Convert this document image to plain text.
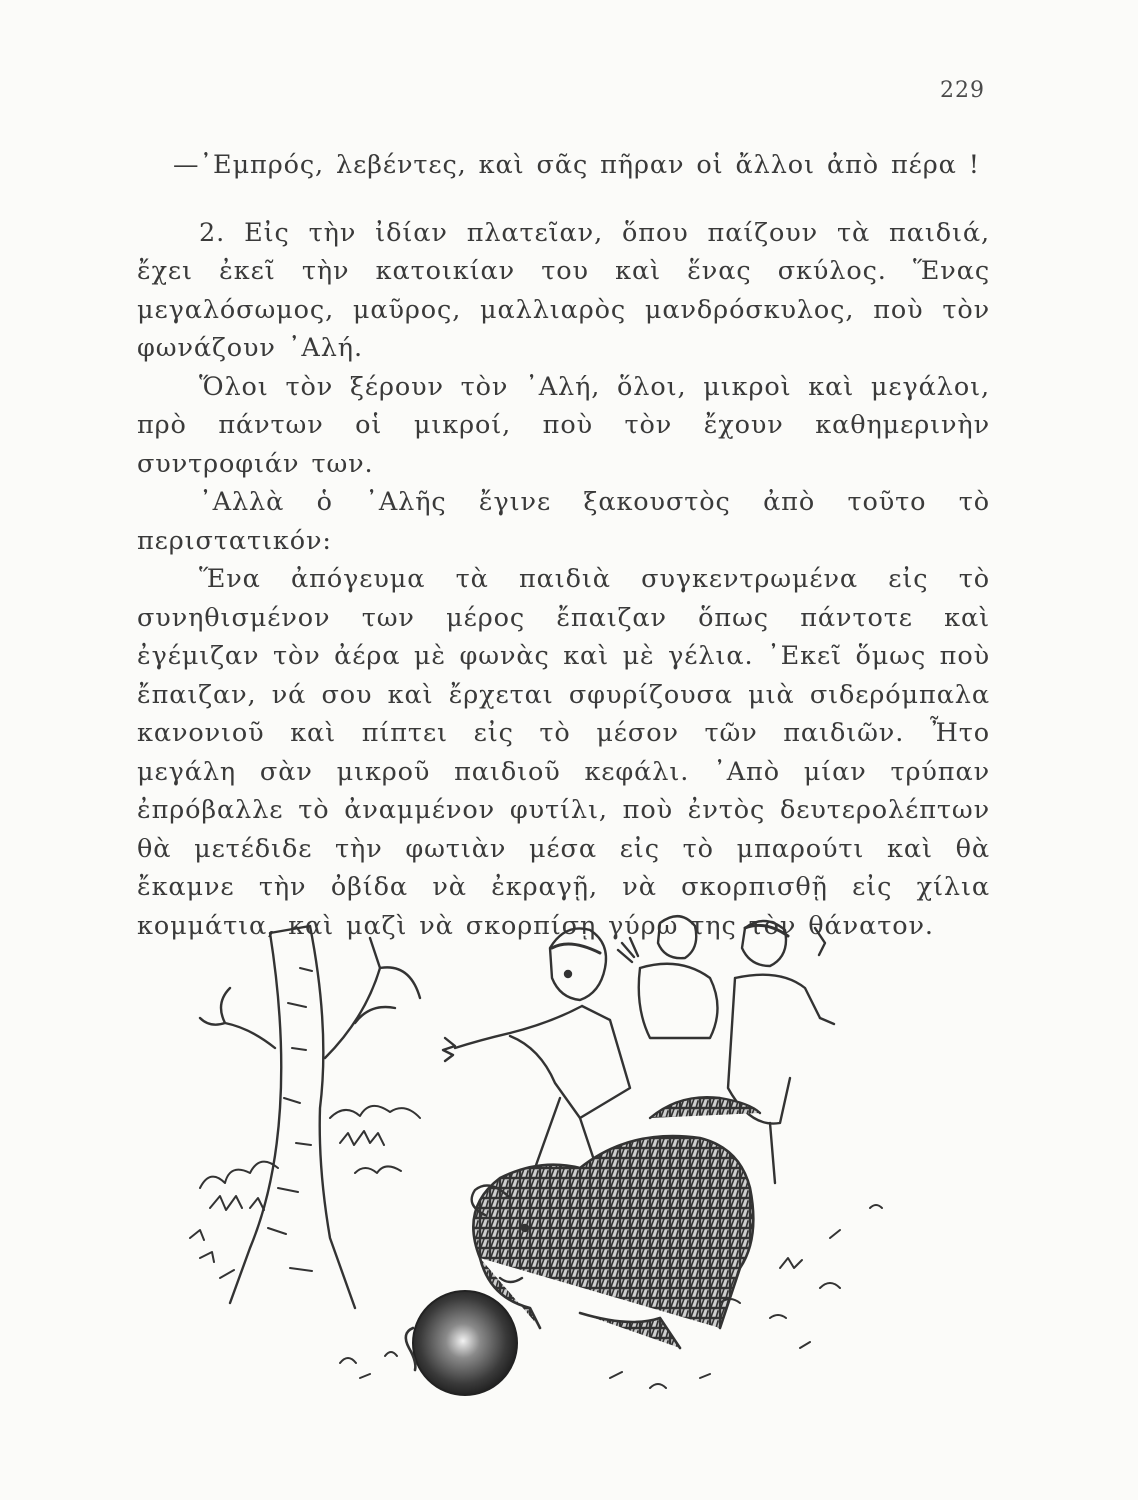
229

—᾽Εμπρός, λεβέντες, καὶ σᾶς πῆραν οἱ ἄλλοι ἀπὸ πέρα !

2. Εἰς τὴν ἰδίαν πλατεῖαν, ὅπου παίζουν τὰ παιδιά, ἔχει ἐκεῖ τὴν κατοικίαν του καὶ ἕνας σκύλος. Ἕνας μεγαλόσωμος, μαῦρος, μαλλιαρὸς μανδρόσκυλος, ποὺ τὸν φωνάζουν ᾽Αλή.

Ὅλοι τὸν ξέρουν τὸν ᾽Αλή, ὅλοι, μικροὶ καὶ μεγάλοι, πρὸ πάντων οἱ μικροί, ποὺ τὸν ἔχουν καθημερινὴν συντροφιάν των.

᾽Αλλὰ ὁ ᾽Αλῆς ἔγινε ξακουστὸς ἀπὸ τοῦτο τὸ περιστατικόν:

Ἕνα ἀπόγευμα τὰ παιδιὰ συγκεντρωμένα εἰς τὸ συνηθισμένον των μέρος ἔπαιζαν ὅπως πάντοτε καὶ ἐγέμιζαν τὸν ἀέρα μὲ φωνὰς καὶ μὲ γέλια. ᾽Εκεῖ ὅμως ποὺ ἔπαιζαν, νά σου καὶ ἔρχεται σφυρίζουσα μιὰ σιδερόμπαλα κανονιοῦ καὶ πίπτει εἰς τὸ μέσον τῶν παιδιῶν. Ἦτο μεγάλη σὰν μικροῦ παιδιοῦ κεφάλι. ᾽Απὸ μίαν τρύπαν ἐπρόβαλλε τὸ ἀναμμένον φυτίλι, ποὺ ἐντὸς δευτερολέπτων θὰ μετέδιδε τὴν φωτιὰν μέσα εἰς τὸ μπαρούτι καὶ θὰ ἔκαμνε τὴν ὀβίδα νὰ ἐκραγῇ, νὰ σκορπισθῇ εἰς χίλια κομμάτια, καὶ μαζὶ νὰ σκορπίσῃ γύρω της τὸν θάνατον.
